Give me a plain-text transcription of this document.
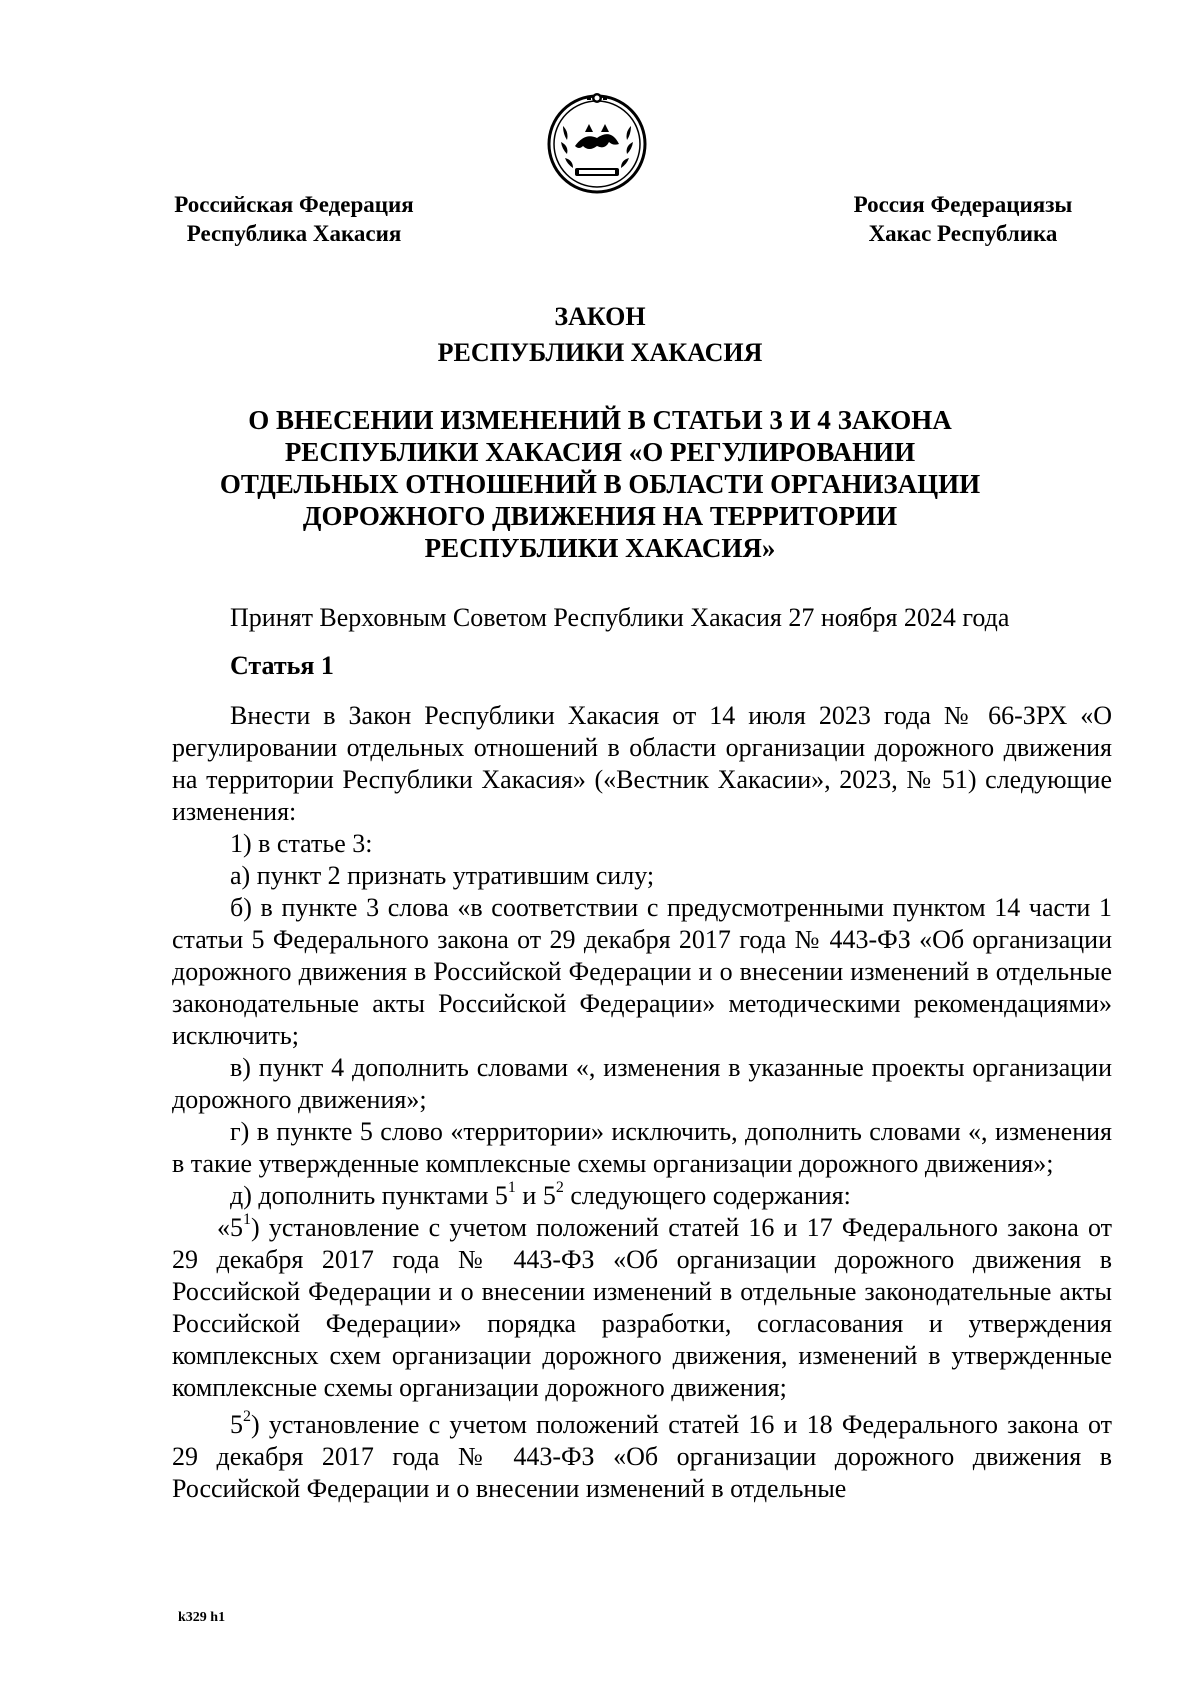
Российская Федерация
Республика Хакасия
Россия Федерациязы
Хакас Республика
ЗАКОН
РЕСПУБЛИКИ ХАКАСИЯ
О ВНЕСЕНИИ ИЗМЕНЕНИЙ В СТАТЬИ 3 И 4 ЗАКОНА
РЕСПУБЛИКИ ХАКАСИЯ «О РЕГУЛИРОВАНИИ
ОТДЕЛЬНЫХ ОТНОШЕНИЙ В ОБЛАСТИ ОРГАНИЗАЦИИ
ДОРОЖНОГО ДВИЖЕНИЯ НА ТЕРРИТОРИИ
РЕСПУБЛИКИ ХАКАСИЯ»
Принят Верховным Советом Республики Хакасия 27 ноября 2024 года
Статья 1

Внести в Закон Республики Хакасия от 14 июля 2023 года № 66-ЗРХ «О регулировании отдельных отношений в области организации дорожного движения на территории Республики Хакасия» («Вестник Хакасии», 2023, № 51) следующие изменения:

1) в статье 3:

а) пункт 2 признать утратившим силу;

б) в пункте 3 слова «в соответствии с предусмотренными пунктом 14 части 1 статьи 5 Федерального закона от 29 декабря 2017 года № 443-ФЗ «Об организации дорожного движения в Российской Федерации и о внесении изменений в отдельные законодательные акты Российской Федерации» методическими рекомендациями» исключить;

в) пункт 4 дополнить словами «, изменения в указанные проекты организации дорожного движения»;

г) в пункте 5 слово «территории» исключить, дополнить словами «, изменения в такие утвержденные комплексные схемы организации дорожного движения»;

д) дополнить пунктами $5^1$ и $5^2$ следующего содержания:

«$5^1$) установление с учетом положений статей 16 и 17 Федерального закона от 29 декабря 2017 года № 443-ФЗ «Об организации дорожного движения в Российской Федерации и о внесении изменений в отдельные законодательные акты Российской Федерации» порядка разработки, согласования и утверждения комплексных схем организации дорожного движения, изменений в утвержденные комплексные схемы организации дорожного движения;

$5^2$) установление с учетом положений статей 16 и 18 Федерального закона от 29 декабря 2017 года № 443-ФЗ «Об организации дорожного движения в Российской Федерации и о внесении изменений в отдельные

k329 h1
